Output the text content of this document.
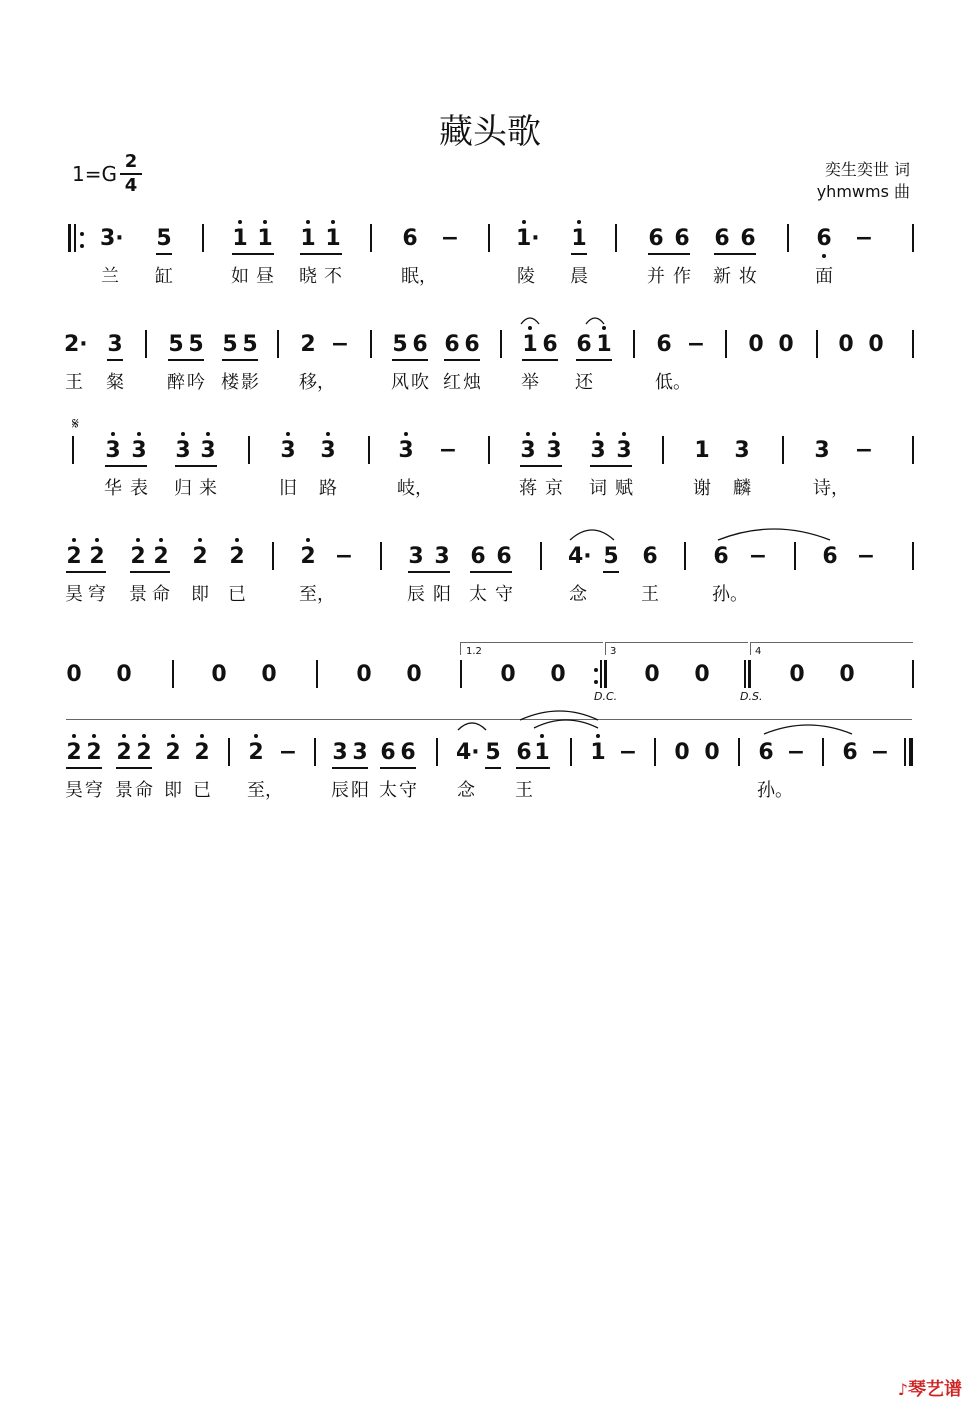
藏头歌
1=G
2
4
奕生奕世 词
yhmwms 曲
3· 5	1 1 1 1	6 −	1· 1	6 6 6 6	6 −
兰 缸	如 昼 晓 不	眠，	陵 晨	并 作 新 妆	面
2· 3 5 5 5 5 2 − 5 6 6 6 1 6 6 1 6 − 0 0 0 0
王 粲 醉 吟 楼 影 移，	风 吹 红 烛 举 还	低。
𝄋
3 3 3 3	3 3	3 −	3 3 3 3	1 3	3 −
华 表 归 来	旧 路	岐，	蒋 京 词 赋	谢 麟	诗，
2 2 2 2 2 2	2 −	3 3 6 6	4· 5 6	6 −	6 −
昊 穹 景 命 即 已	至，	辰 阳 太 守	念	王	孙。
1.2	3	4
0 0	0 0	0 0	0 0	0 0	0 0
D.C.	D.S.
2 2 2 2 2 2 2 − 3 3 6 6 4· 5 6 1 1 − 0 0 6 − 6 −
昊 穹 景 命 即 已 至，	辰 阳 太 守 念 王	孙。
♪琴艺谱
